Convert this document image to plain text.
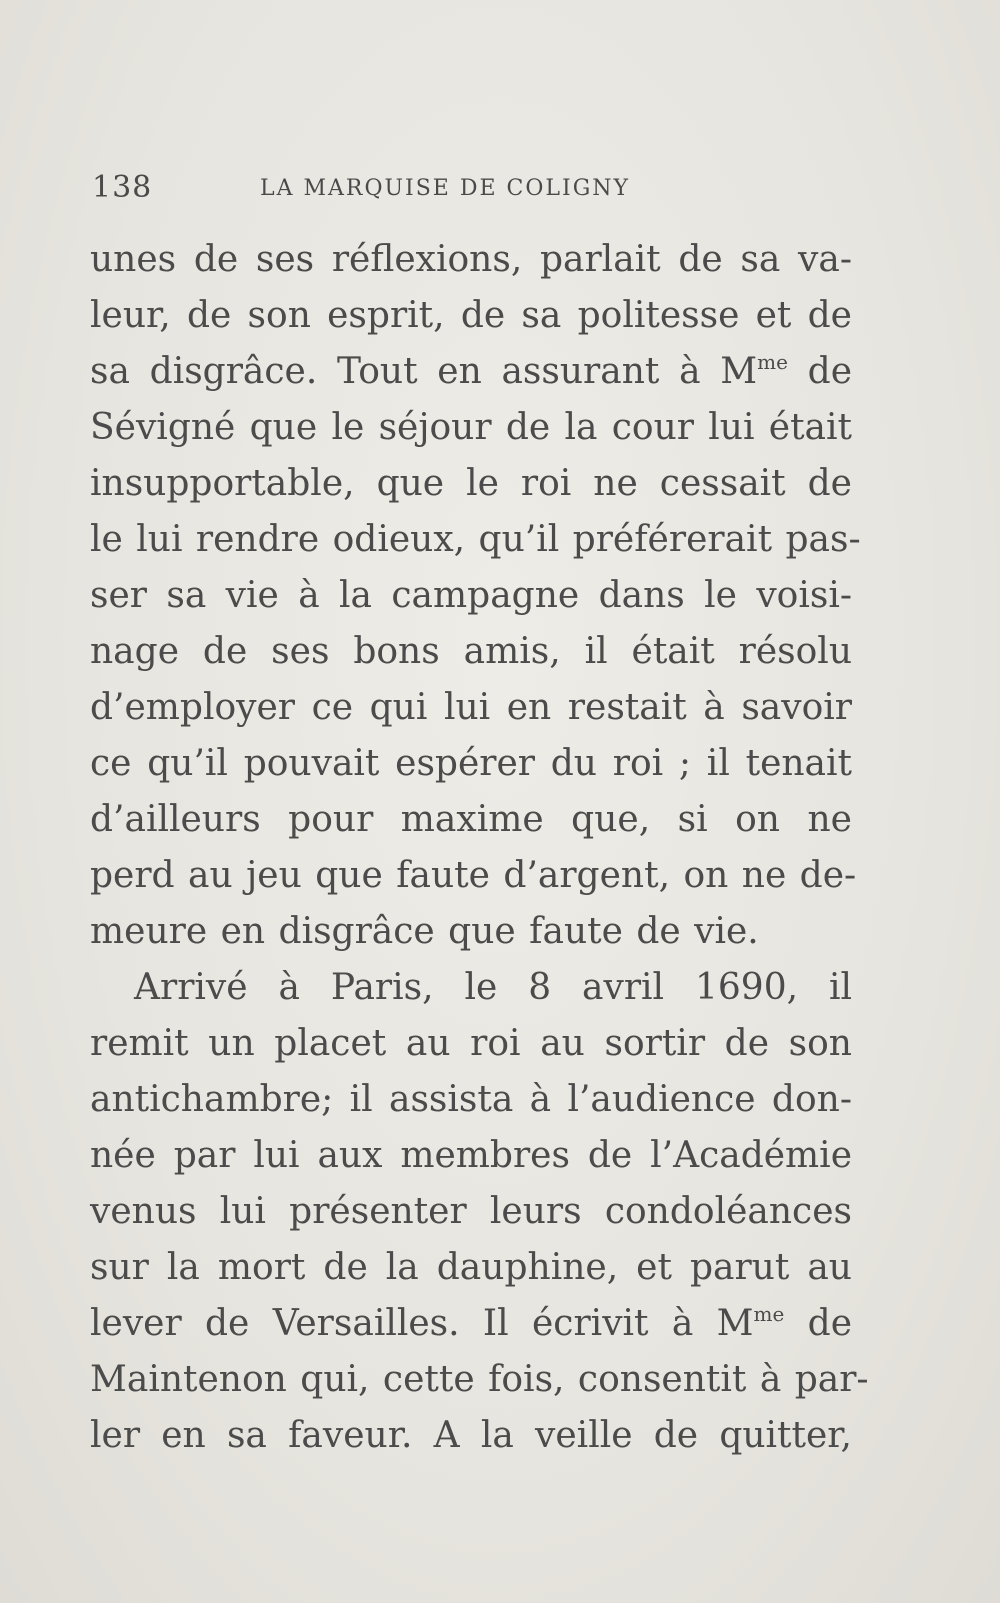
138	LA MARQUISE DE COLIGNY
unes de ses réflexions, parlait de sa va-
leur, de son esprit, de sa politesse et de
sa disgrâce. Tout en assurant à $M^{me}$ de
Sévigné que le séjour de la cour lui était
insupportable, que le roi ne cessait de
le lui rendre odieux, qu’il préférerait pas-
ser sa vie à la campagne dans le voisi-
nage de ses bons amis, il était résolu
d’employer ce qui lui en restait à savoir
ce qu’il pouvait espérer du roi ; il tenait
d’ailleurs pour maxime que, si on ne
perd au jeu que faute d’argent, on ne de-
meure en disgrâce que faute de vie.
Arrivé à Paris, le 8 avril 1690, il
remit un placet au roi au sortir de son
antichambre; il assista à l’audience don-
née par lui aux membres de l’Académie
venus lui présenter leurs condoléances
sur la mort de la dauphine, et parut au
lever de Versailles. Il écrivit à $M^{me}$ de
Maintenon qui, cette fois, consentit à par-
ler en sa faveur. A la veille de quitter,
